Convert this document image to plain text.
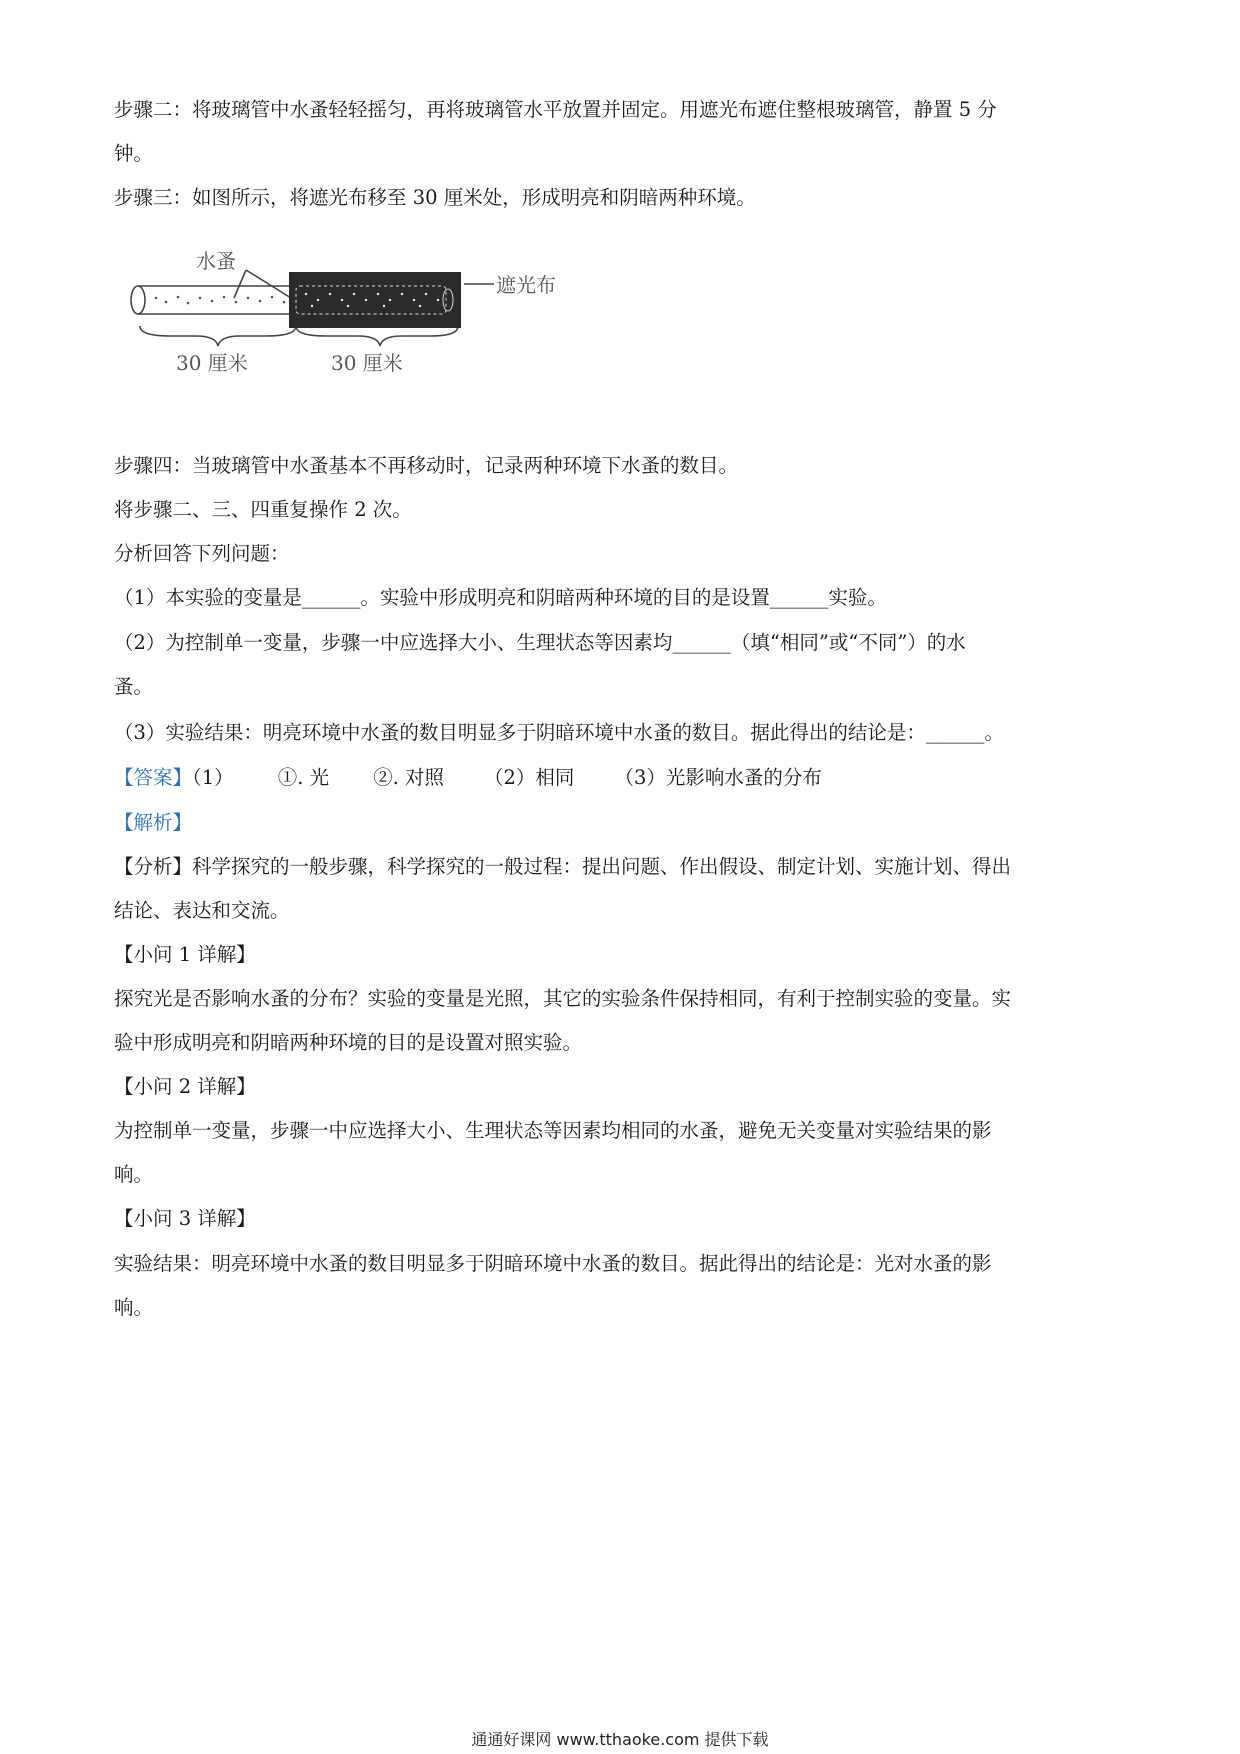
步骤二：将玻璃管中水蚤轻轻摇匀，再将玻璃管水平放置并固定。用遮光布遮住整根玻璃管，静置 5 分
钟。
步骤三：如图所示，将遮光布移至 30 厘米处，形成明亮和阴暗两种环境。
水蚤
遮光布
30 厘米	30 厘米
步骤四：当玻璃管中水蚤基本不再移动时，记录两种环境下水蚤的数目。
将步骤二、三、四重复操作 2 次。
分析回答下列问题：
（1）本实验的变量是______。实验中形成明亮和阴暗两种环境的目的是设置______实验。
（2）为控制单一变量，步骤一中应选择大小、生理状态等因素均______（填“相同”或“不同”）的水
蚤。
（3）实验结果：明亮环境中水蚤的数目明显多于阴暗环境中水蚤的数目。据此得出的结论是：______。
【答案】（1） ①. 光 ②. 对照 （2）相同 （3）光影响水蚤的分布
【解析】
【分析】科学探究的一般步骤，科学探究的一般过程：提出问题、作出假设、制定计划、实施计划、得出
结论、表达和交流。
【小问 1 详解】
探究光是否影响水蚤的分布？实验的变量是光照，其它的实验条件保持相同，有利于控制实验的变量。实
验中形成明亮和阴暗两种环境的目的是设置对照实验。
【小问 2 详解】
为控制单一变量，步骤一中应选择大小、生理状态等因素均相同的水蚤，避免无关变量对实验结果的影
响。
【小问 3 详解】
实验结果：明亮环境中水蚤的数目明显多于阴暗环境中水蚤的数目。据此得出的结论是：光对水蚤的影
响。
通通好课网 www.tthaoke.com 提供下载
